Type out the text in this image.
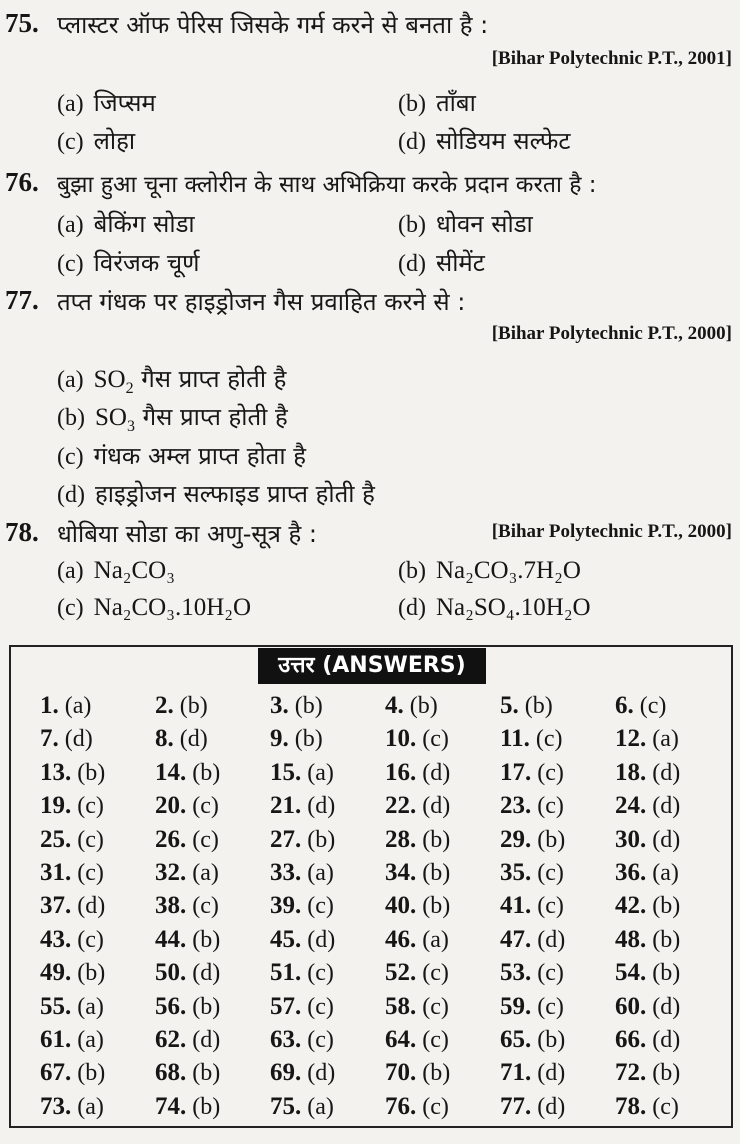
75. प्लास्टर ऑफ पेरिस जिसके गर्म करने से बनता है :
[Bihar Polytechnic P.T., 2001]
(a) जिप्सम	(b) ताँबा
(c) लोहा	(d) सोडियम सल्फेट
76. बुझा हुआ चूना क्लोरीन के साथ अभिक्रिया करके प्रदान करता है :
(a) बेकिंग सोडा	(b) धोवन सोडा
(c) विरंजक चूर्ण	(d) सीमेंट
77. तप्त गंधक पर हाइड्रोजन गैस प्रवाहित करने से :
[Bihar Polytechnic P.T., 2000]
(a) $SO_2$ गैस प्राप्त होती है
(b) $SO_3$ गैस प्राप्त होती है
(c) गंधक अम्ल प्राप्त होता है
(d) हाइड्रोजन सल्फाइड प्राप्त होती है
78. धोबिया सोडा का अणु-सूत्र है :	[Bihar Polytechnic P.T., 2000]
(a) Na₂CO₃	(b) Na₂CO₃.7H₂O
(c) Na₂CO₃.10H₂O	(d) Na₂SO₄.10H₂O
उत्तर (ANSWERS)
1. (a)	2. (b)	3. (b)	4. (b)	5. (b)	6. (c)
7. (d)	8. (d)	9. (b)	10. (c)	11. (c)	12. (a)
13. (b)	14. (b)	15. (a)	16. (d)	17. (c)	18. (d)
19. (c)	20. (c)	21. (d)	22. (d)	23. (c)	24. (d)
25. (c)	26. (c)	27. (b)	28. (b)	29. (b)	30. (d)
31. (c)	32. (a)	33. (a)	34. (b)	35. (c)	36. (a)
37. (d)	38. (c)	39. (c)	40. (b)	41. (c)	42. (b)
43. (c)	44. (b)	45. (d)	46. (a)	47. (d)	48. (b)
49. (b)	50. (d)	51. (c)	52. (c)	53. (c)	54. (b)
55. (a)	56. (b)	57. (c)	58. (c)	59. (c)	60. (d)
61. (a)	62. (d)	63. (c)	64. (c)	65. (b)	66. (d)
67. (b)	68. (b)	69. (d)	70. (b)	71. (d)	72. (b)
73. (a)	74. (b)	75. (a)	76. (c)	77. (d)	78. (c)
